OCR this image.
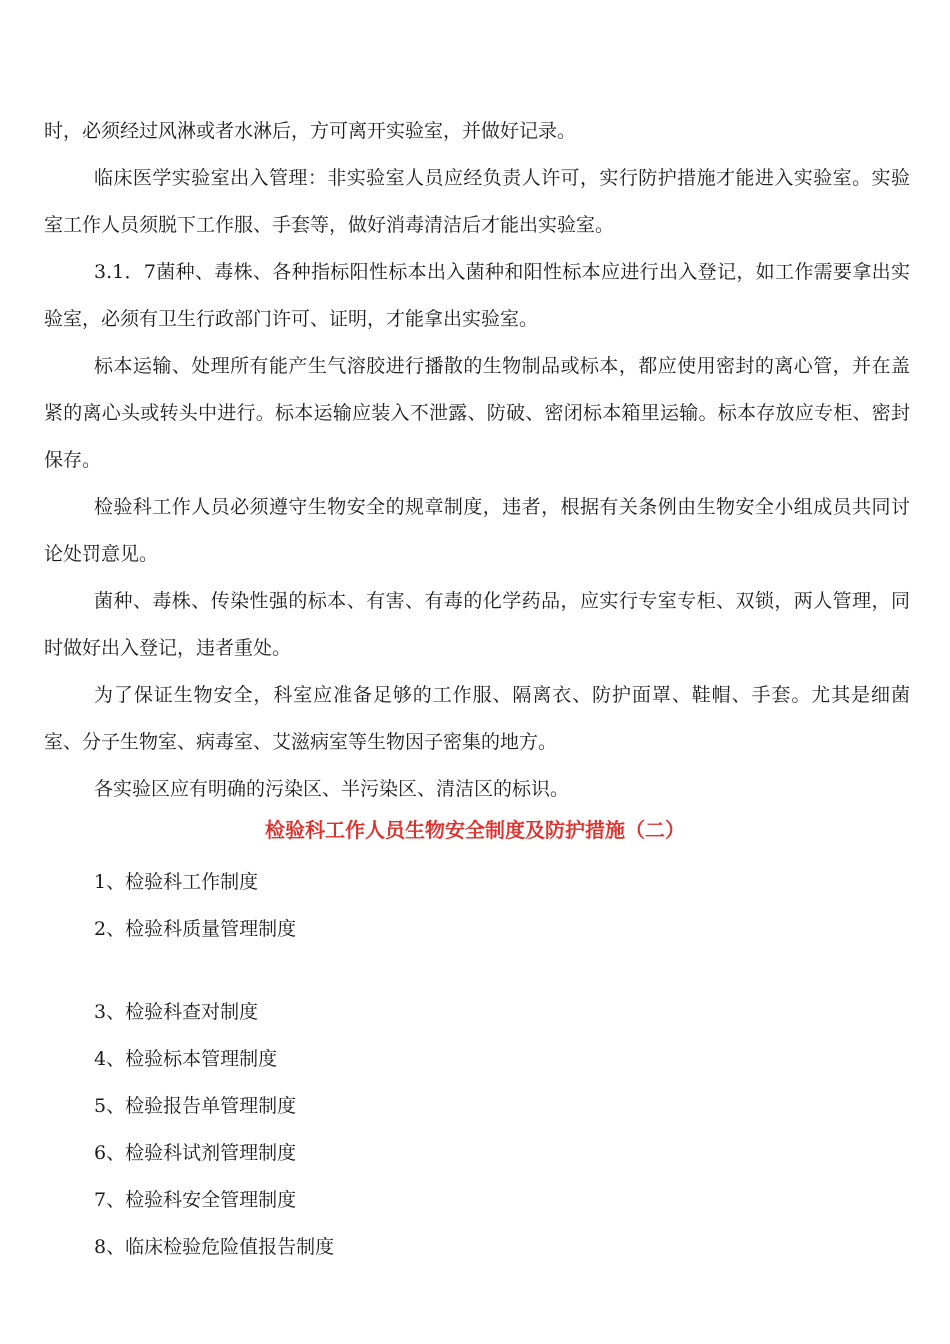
时，必须经过风淋或者水淋后，方可离开实验室，并做好记录。

临床医学实验室出入管理：非实验室人员应经负责人许可，实行防护措施才能进入实验室。实验室工作人员须脱下工作服、手套等，做好消毒清洁后才能出实验室。

3.1．7菌种、毒株、各种指标阳性标本出入菌种和阳性标本应进行出入登记，如工作需要拿出实验室，必须有卫生行政部门许可、证明，才能拿出实验室。

标本运输、处理所有能产生气溶胶进行播散的生物制品或标本，都应使用密封的离心管，并在盖紧的离心头或转头中进行。标本运输应装入不泄露、防破、密闭标本箱里运输。标本存放应专柜、密封保存。

检验科工作人员必须遵守生物安全的规章制度，违者，根据有关条例由生物安全小组成员共同讨论处罚意见。

菌种、毒株、传染性强的标本、有害、有毒的化学药品，应实行专室专柜、双锁，两人管理，同时做好出入登记，违者重处。

为了保证生物安全，科室应准备足够的工作服、隔离衣、防护面罩、鞋帽、手套。尤其是细菌室、分子生物室、病毒室、艾滋病室等生物因子密集的地方。

各实验区应有明确的污染区、半污染区、清洁区的标识。

检验科工作人员生物安全制度及防护措施（二）
1、检验科工作制度
2、检验科质量管理制度
3、检验科查对制度
4、检验标本管理制度
5、检验报告单管理制度
6、检验科试剂管理制度
7、检验科安全管理制度
8、临床检验危险值报告制度
